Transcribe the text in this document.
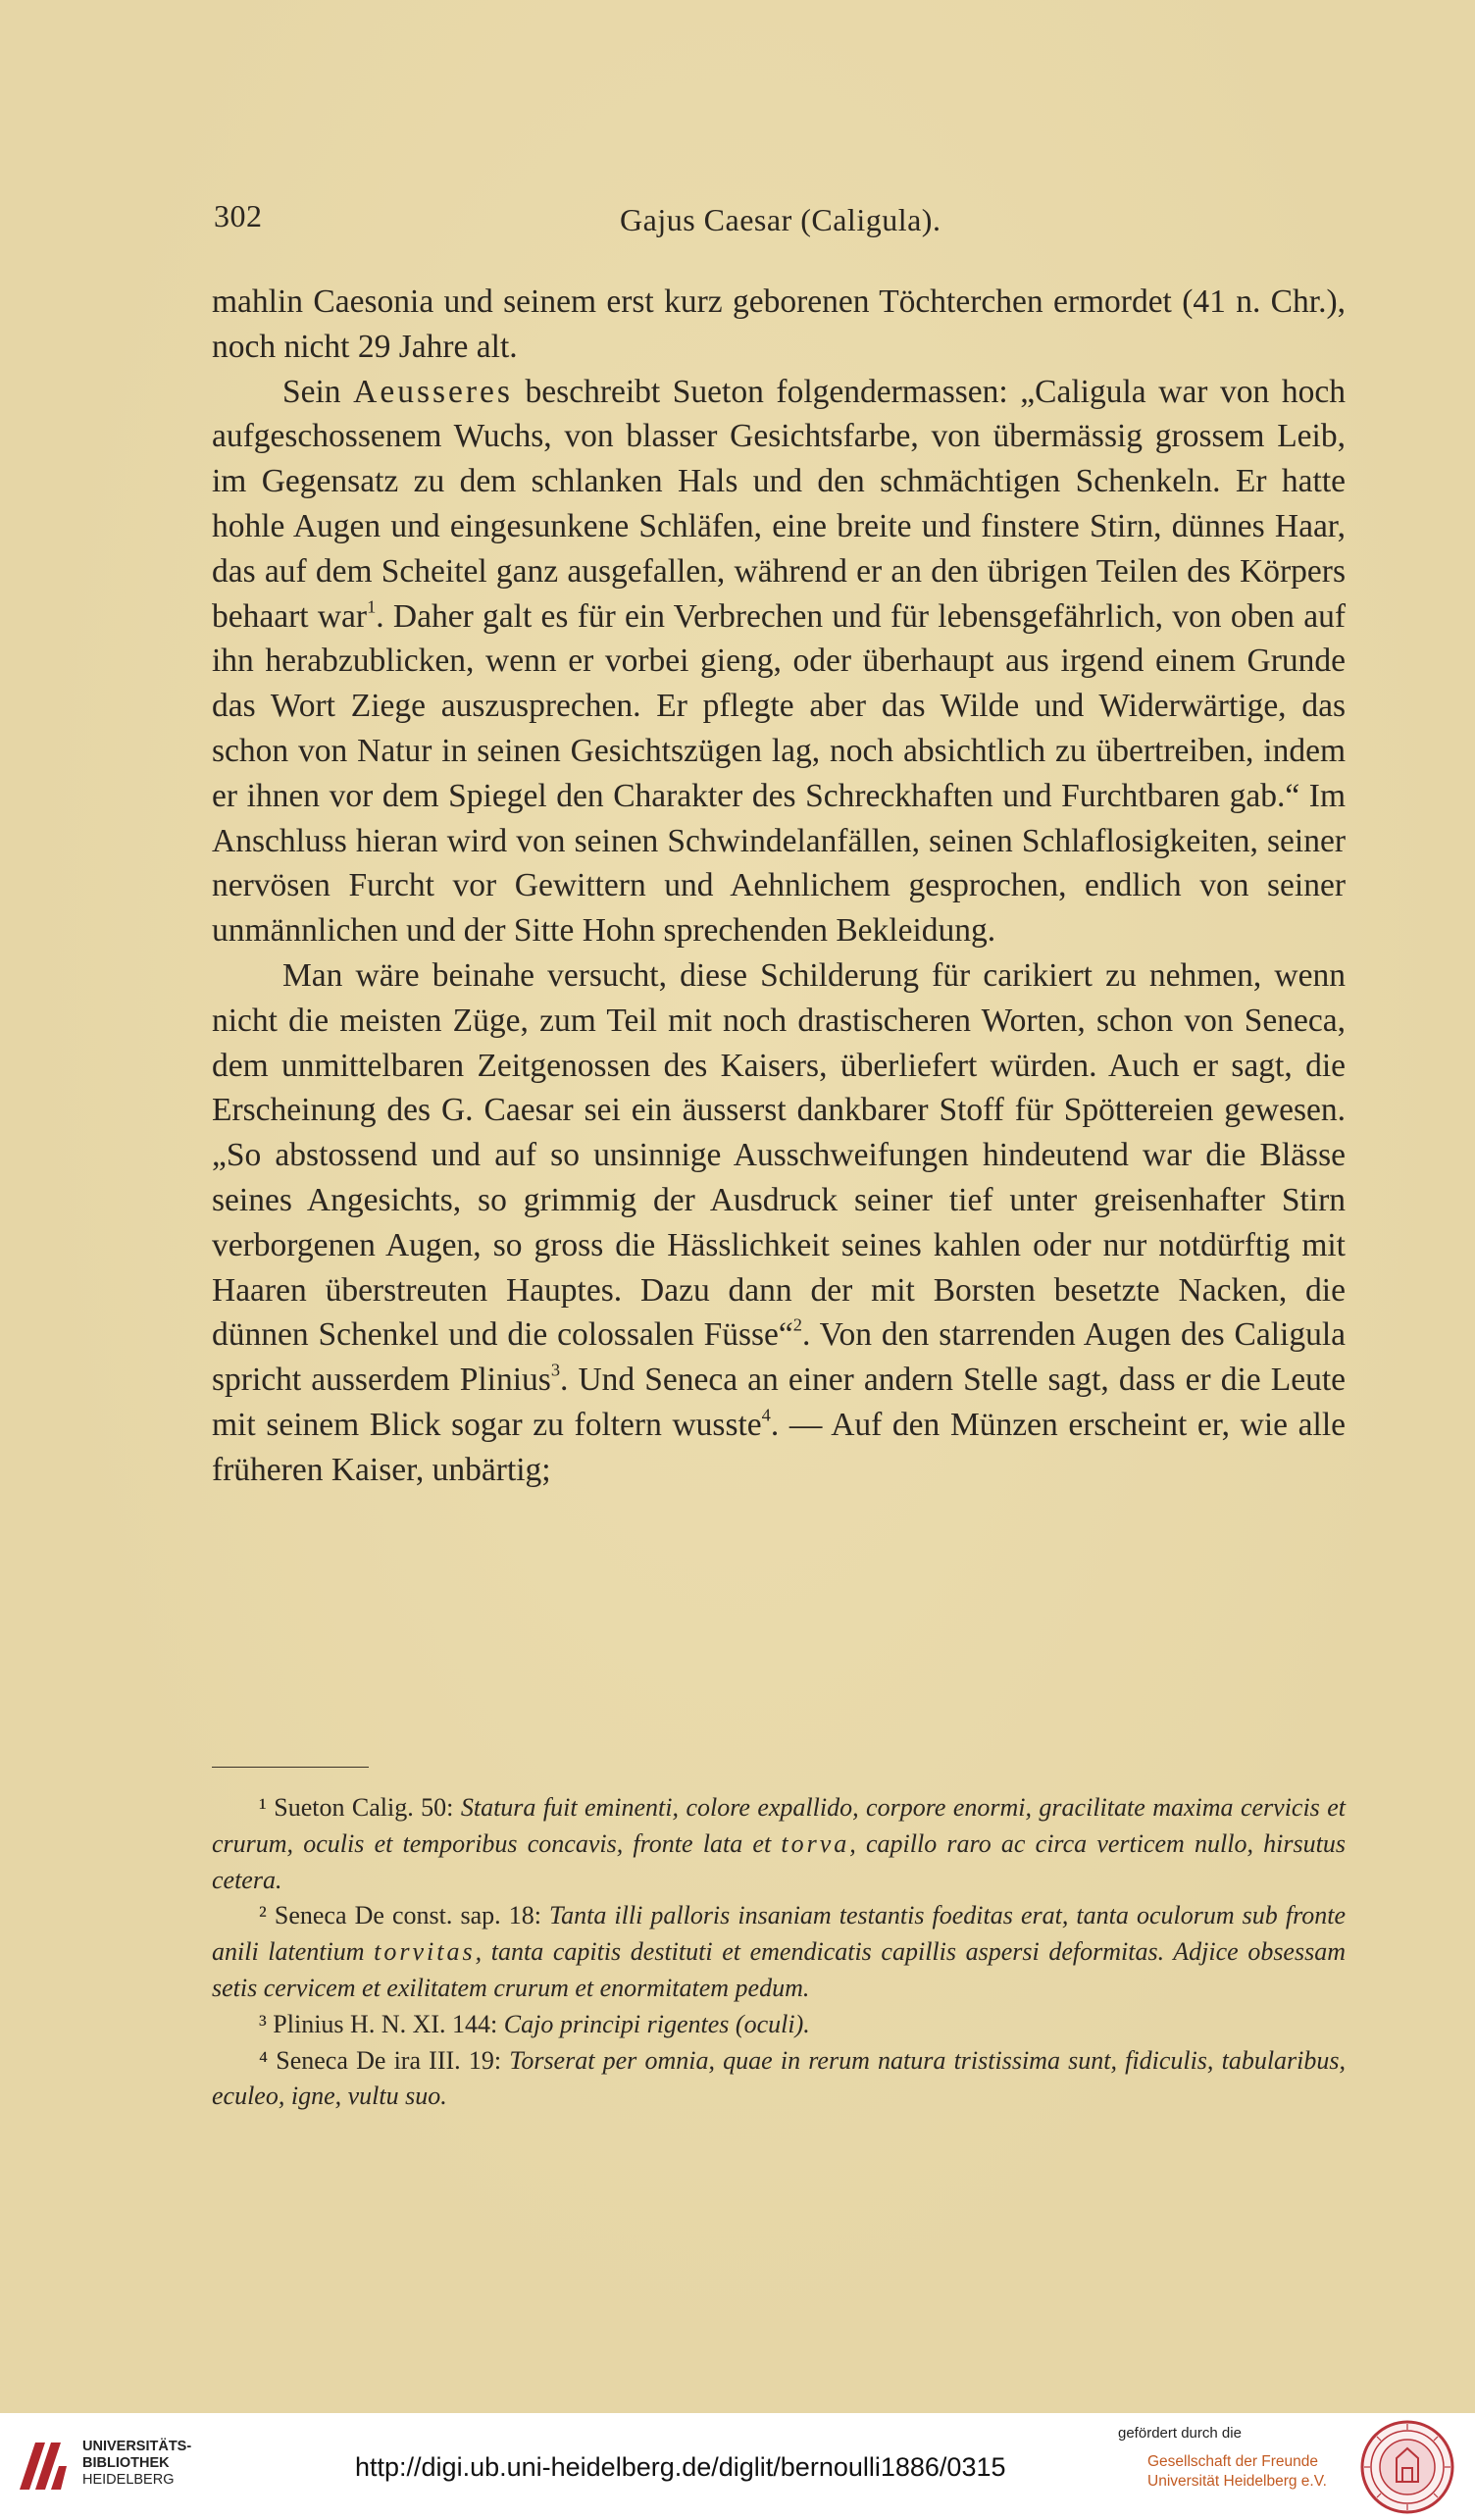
302	Gajus Caesar (Caligula).

mahlin Caesonia und seinem erst kurz geborenen Töchterchen ermordet (41 n. Chr.), noch nicht 29 Jahre alt.

Sein Aeusseres beschreibt Sueton folgendermassen: „Caligula war von hoch aufgeschossenem Wuchs, von blasser Gesichtsfarbe, von übermässig grossem Leib, im Gegensatz zu dem schlanken Hals und den schmächtigen Schenkeln. Er hatte hohle Augen und eingesunkene Schläfen, eine breite und finstere Stirn, dünnes Haar, das auf dem Scheitel ganz ausgefallen, während er an den übrigen Teilen des Körpers behaart war$^1$. Daher galt es für ein Verbrechen und für lebensgefährlich, von oben auf ihn herabzublicken, wenn er vorbei gieng, oder überhaupt aus irgend einem Grunde das Wort Ziege auszusprechen. Er pflegte aber das Wilde und Widerwärtige, das schon von Natur in seinen Gesichtszügen lag, noch absichtlich zu übertreiben, indem er ihnen vor dem Spiegel den Charakter des Schreckhaften und Furchtbaren gab.“ Im Anschluss hieran wird von seinen Schwindelanfällen, seinen Schlaflosigkeiten, seiner nervösen Furcht vor Gewittern und Aehnlichem gesprochen, endlich von seiner unmännlichen und der Sitte Hohn sprechenden Bekleidung.

Man wäre beinahe versucht, diese Schilderung für carikiert zu nehmen, wenn nicht die meisten Züge, zum Teil mit noch drastischeren Worten, schon von Seneca, dem unmittelbaren Zeitgenossen des Kaisers, überliefert würden. Auch er sagt, die Erscheinung des G. Caesar sei ein äusserst dankbarer Stoff für Spöttereien gewesen. „So abstossend und auf so unsinnige Ausschweifungen hindeutend war die Blässe seines Angesichts, so grimmig der Ausdruck seiner tief unter greisenhafter Stirn verborgenen Augen, so gross die Hässlichkeit seines kahlen oder nur notdürftig mit Haaren überstreuten Hauptes. Dazu dann der mit Borsten besetzte Nacken, die dünnen Schenkel und die colossalen Füsse“$^2$. Von den starrenden Augen des Caligula spricht ausserdem Plinius$^3$. Und Seneca an einer andern Stelle sagt, dass er die Leute mit seinem Blick sogar zu foltern wusste$^4$. — Auf den Münzen erscheint er, wie alle früheren Kaiser, unbärtig;

¹ Sueton Calig. 50: Statura fuit eminenti, colore expallido, corpore enormi, gracilitate maxima cervicis et crurum, oculis et temporibus concavis, fronte lata et torva, capillo raro ac circa verticem nullo, hirsutus cetera.

² Seneca De const. sap. 18: Tanta illi palloris insaniam testantis foeditas erat, tanta oculorum sub fronte anili latentium torvitas, tanta capitis destituti et emendicatis capillis aspersi deformitas. Adjice obsessam setis cervicem et exilitatem crurum et enormitatem pedum.

³ Plinius H. N. XI. 144: Cajo principi rigentes (oculi).

⁴ Seneca De ira III. 19: Torserat per omnia, quae in rerum natura tristissima sunt, fidiculis, tabularibus, eculeo, igne, vultu suo.

UNIVERSITÄTS-
BIBLIOTHEK
HEIDELBERG	http://digi.ub.uni-heidelberg.de/diglit/bernoulli1886/0315
gefördert durch die
Gesellschaft der Freunde
Universität Heidelberg e.V.
